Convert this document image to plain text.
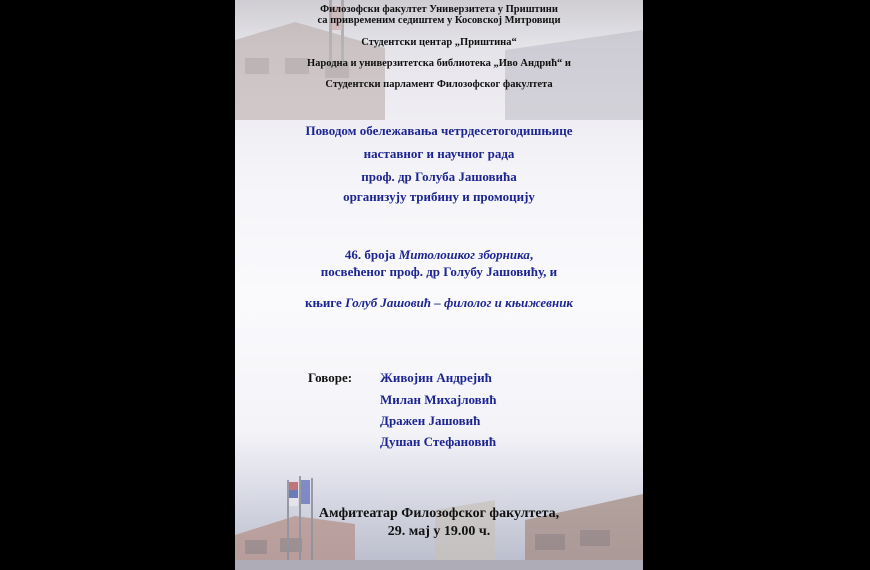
Филозофски факултет Универзитета у Приштини
са привременим седиштем у Косовској Митровици
Студентски центар „Приштина“
Народна и универзитетска библиотека „Иво Андрић“ и
Студентски парламент Филозофског факултета
Поводом обележавања четрдесетогодишњице
наставног и научног рада
проф. др Голуба Јашовића
организују трибину и промоцију
46. броја Митолошког зборника,
посвећеног проф. др Голубу Јашовићу, и
књиге Голуб Јашовић – филолог и књижевник
Говоре: Живојин Андрејић
Милан Михајловић
Дражен Јашовић
Душан Стефановић
Амфитеатар Филозофског факултета,
29. мај у 19.00 ч.
